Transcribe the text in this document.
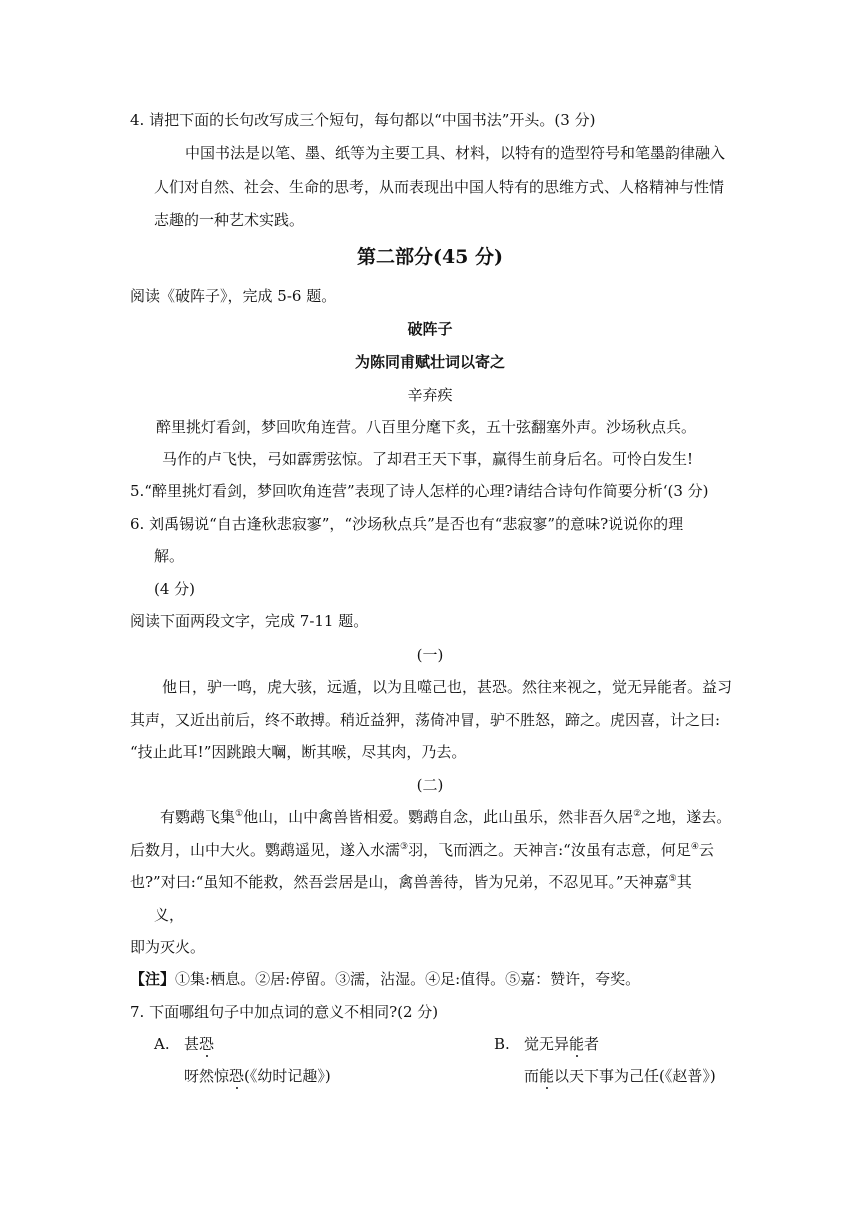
4. 请把下面的长句改写成三个短句，每句都以“中国书法”开头。(3 分)
中国书法是以笔、墨、纸等为主要工具、材料，以特有的造型符号和笔墨韵律融入
人们对自然、社会、生命的思考，从而表现出中国人特有的思维方式、人格精神与性情
志趣的一种艺术实践。
第二部分(45 分)
阅读《破阵子》，完成 5-6 题。
破阵子
为陈同甫赋壮词以寄之
辛弃疾
醉里挑灯看剑，梦回吹角连营。八百里分麾下炙，五十弦翻塞外声。沙场秋点兵。
马作的卢飞快，弓如霹雳弦惊。了却君王天下事，赢得生前身后名。可怜白发生!
5.“醉里挑灯看剑，梦回吹角连营”表现了诗人怎样的心理?请结合诗句作简要分析‘(3 分)
6. 刘禹锡说“自古逢秋悲寂寥”，“沙场秋点兵”是否也有“悲寂寥”的意味?说说你的理
解。
(4 分)
阅读下面两段文字，完成 7-11 题。
(一)
他日，驴一鸣，虎大骇，远遁，以为且噬己也，甚恐。然往来视之，觉无异能者。益习
其声，又近出前后，终不敢搏。稍近益狎，荡倚冲冒，驴不胜怒，蹄之。虎因喜，计之曰:
“技止此耳!”因跳踉大㘎，断其喉，尽其肉，乃去。
(二)
有鹦鹉飞集①他山，山中禽兽皆相爱。鹦鹉自念，此山虽乐，然非吾久居②之地，遂去。
后数月，山中大火。鹦鹉遥见，遂入水濡③羽，飞而洒之。天神言:“汝虽有志意，何足④云
也?”对曰:“虽知不能救，然吾尝居是山，禽兽善待，皆为兄弟，不忍见耳。”天神嘉⑤其
义，
即为灭火。
【注】①集:栖息。②居:停留。③濡，沾湿。④足:值得。⑤嘉：赞许，夸奖。
7. 下面哪组句子中加点词的意义不相同?(2 分)
A. 甚恐
呀然惊恐(《幼时记趣》)
B. 觉无异能者
而能以天下事为己任(《赵普》)
